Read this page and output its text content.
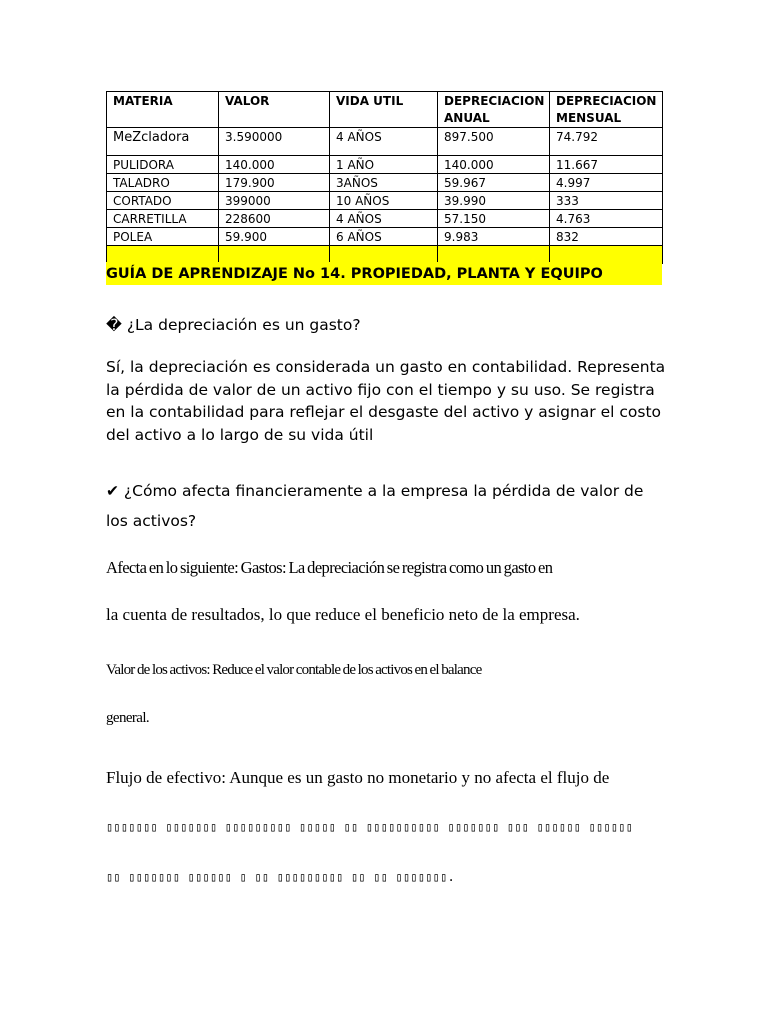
MATERIA	VALOR	VIDA UTIL	DEPRECIACION ANUAL	DEPRECIACION MENSUAL
MeZcladora	3.590000	4 AÑOS	897.500	74.792
PULIDORA	140.000	1 AÑO	140.000	11.667
TALADRO	179.900	3AÑOS	59.967	4.997
CORTADO	399000	10 AÑOS	39.990	333
CARRETILLA	228600	4 AÑOS	57.150	4.763
POLEA	59.900	6 AÑOS	9.983	832

GUÍA DE APRENDIZAJE No 14. PROPIEDAD, PLANTA Y EQUIPO
� ¿La depreciación es un gasto?
Sí, la depreciación es considerada un gasto en contabilidad. Representa la pérdida de valor de un activo fijo con el tiempo y su uso. Se registra en la contabilidad para reflejar el desgaste del activo y asignar el costo del activo a lo largo de su vida útil
✔ ¿Cómo afecta financieramente a la empresa la pérdida de valor de los activos?
Afecta en lo siguiente: Gastos: La depreciación se registra como un gasto en
la cuenta de resultados, lo que reduce el beneficio neto de la empresa.
Valor de los activos: Reduce el valor contable de los activos en el balance
general.
Flujo de efectivo: Aunque es un gasto no monetario y no afecta el flujo de
▯▯▯▯▯▯▯ ▯▯▯▯▯▯▯ ▯▯▯▯▯▯▯▯▯ ▯▯▯▯▯ ▯▯ ▯▯▯▯▯▯▯▯▯▯ ▯▯▯▯▯▯▯ ▯▯▯ ▯▯▯▯▯▯ ▯▯▯▯▯▯
▯▯ ▯▯▯▯▯▯▯ ▯▯▯▯▯▯ ▯ ▯▯ ▯▯▯▯▯▯▯▯▯ ▯▯ ▯▯ ▯▯▯▯▯▯▯.
